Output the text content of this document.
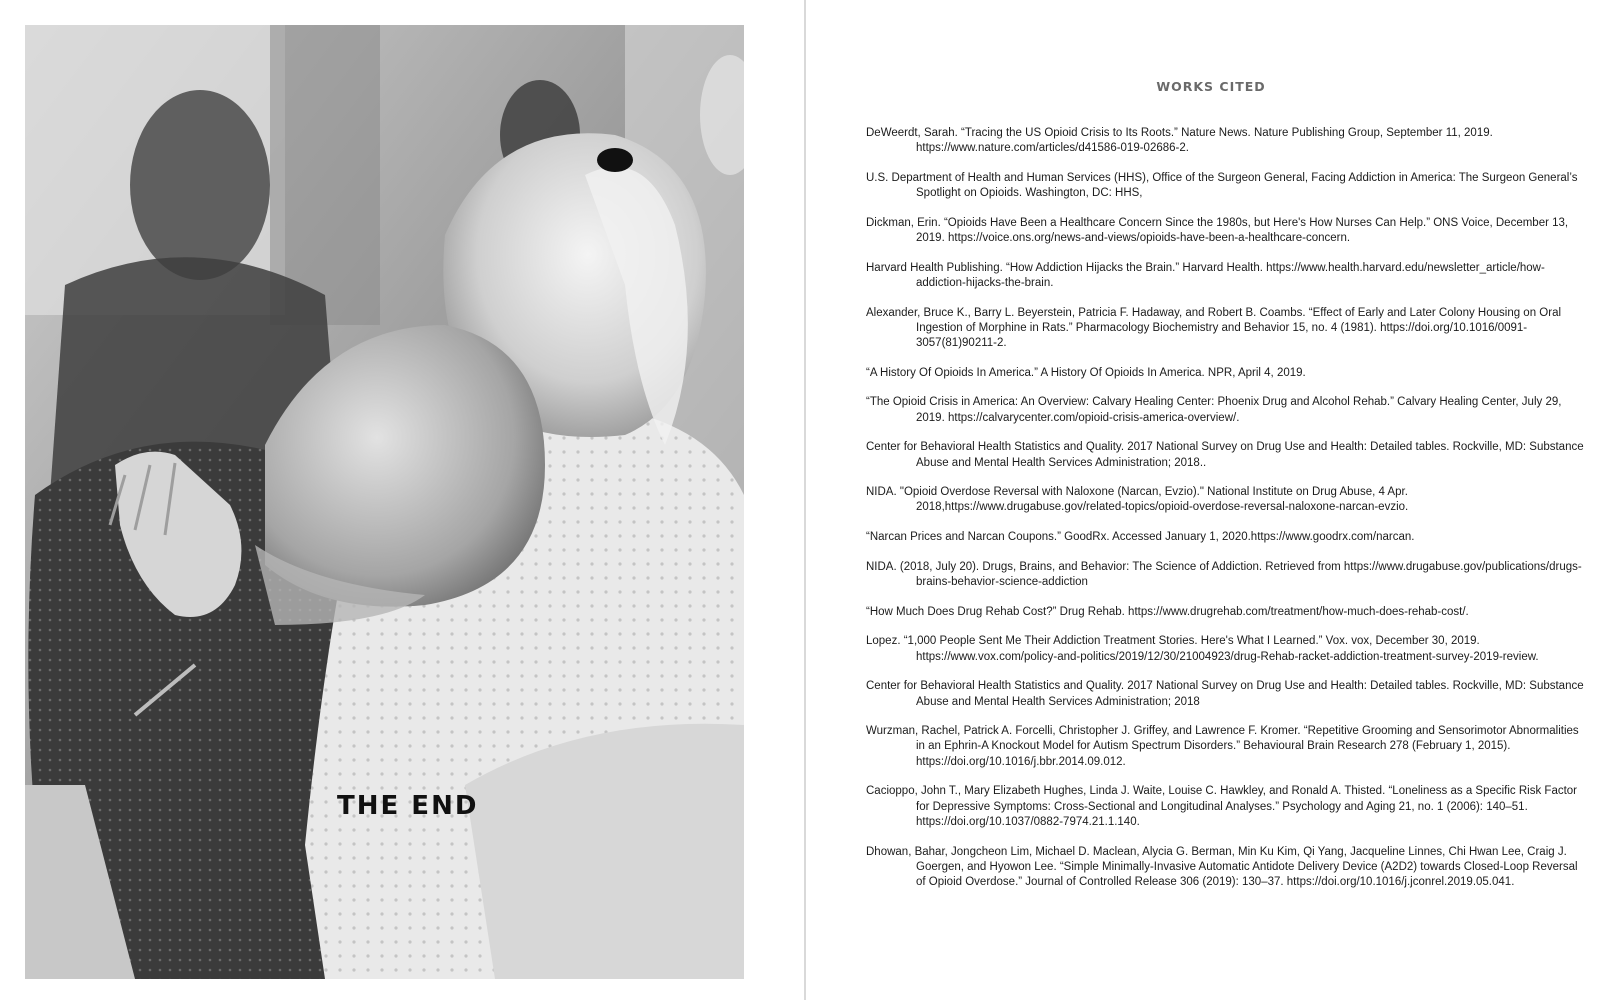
THE END
WORKS CITED
DeWeerdt, Sarah. “Tracing the US Opioid Crisis to Its Roots.” Nature News. Nature Publishing Group, September 11, 2019. https://www.nature.com/articles/d41586-019-02686-2.
U.S. Department of Health and Human Services (HHS), Office of the Surgeon General, Facing Addiction in America: The Surgeon General’s Spotlight on Opioids. Washington, DC: HHS,
Dickman, Erin. “Opioids Have Been a Healthcare Concern Since the 1980s, but Here's How Nurses Can Help.” ONS Voice, December 13, 2019. https://voice.ons.org/news-and-views/opioids-have-been-a-healthcare-concern.
Harvard Health Publishing. “How Addiction Hijacks the Brain.” Harvard Health. https://www.health.harvard.edu/newsletter_article/how-addiction-hijacks-the-brain.
Alexander, Bruce K., Barry L. Beyerstein, Patricia F. Hadaway, and Robert B. Coambs. “Effect of Early and Later Colony Housing on Oral Ingestion of Morphine in Rats.” Pharmacology Biochemistry and Behavior 15, no. 4 (1981). https://doi.org/10.1016/0091-3057(81)90211-2.
“A History Of Opioids In America.” A History Of Opioids In America. NPR, April 4, 2019.
“The Opioid Crisis in America: An Overview: Calvary Healing Center: Phoenix Drug and Alcohol Rehab.” Calvary Healing Center, July 29, 2019. https://calvarycenter.com/opioid-crisis-america-overview/.
Center for Behavioral Health Statistics and Quality. 2017 National Survey on Drug Use and Health: Detailed tables. Rockville, MD: Substance Abuse and Mental Health Services Administration; 2018..
NIDA. "Opioid Overdose Reversal with Naloxone (Narcan, Evzio)." National Institute on Drug Abuse, 4 Apr. 2018,https://www.drugabuse.gov/related-topics/opioid-overdose-reversal-naloxone-narcan-evzio.
“Narcan Prices and Narcan Coupons.” GoodRx. Accessed January 1, 2020.https://www.goodrx.com/narcan.
NIDA. (2018, July 20). Drugs, Brains, and Behavior: The Science of Addiction. Retrieved from https://www.drugabuse.gov/publications/drugs-brains-behavior-science-addiction
“How Much Does Drug Rehab Cost?” Drug Rehab. https://www.drugrehab.com/treatment/how-much-does-rehab-cost/.
Lopez. “1,000 People Sent Me Their Addiction Treatment Stories. Here's What I Learned.” Vox. vox, December 30, 2019. https://www.vox.com/policy-and-politics/2019/12/30/21004923/drug-Rehab-racket-addiction-treatment-survey-2019-review.
Center for Behavioral Health Statistics and Quality. 2017 National Survey on Drug Use and Health: Detailed tables. Rockville, MD: Substance Abuse and Mental Health Services Administration; 2018
Wurzman, Rachel, Patrick A. Forcelli, Christopher J. Griffey, and Lawrence F. Kromer. “Repetitive Grooming and Sensorimotor Abnormalities in an Ephrin-A Knockout Model for Autism Spectrum Disorders.” Behavioural Brain Research 278 (February 1, 2015). https://doi.org/10.1016/j.bbr.2014.09.012.
Cacioppo, John T., Mary Elizabeth Hughes, Linda J. Waite, Louise C. Hawkley, and Ronald A. Thisted. “Loneliness as a Specific Risk Factor for Depressive Symptoms: Cross-Sectional and Longitudinal Analyses.” Psychology and Aging 21, no. 1 (2006): 140–51. https://doi.org/10.1037/0882-7974.21.1.140.
Dhowan, Bahar, Jongcheon Lim, Michael D. Maclean, Alycia G. Berman, Min Ku Kim, Qi Yang, Jacqueline Linnes, Chi Hwan Lee, Craig J. Goergen, and Hyowon Lee. “Simple Minimally-Invasive Automatic Antidote Delivery Device (A2D2) towards Closed-Loop Reversal of Opioid Overdose.” Journal of Controlled Release 306 (2019): 130–37. https://doi.org/10.1016/j.jconrel.2019.05.041.
